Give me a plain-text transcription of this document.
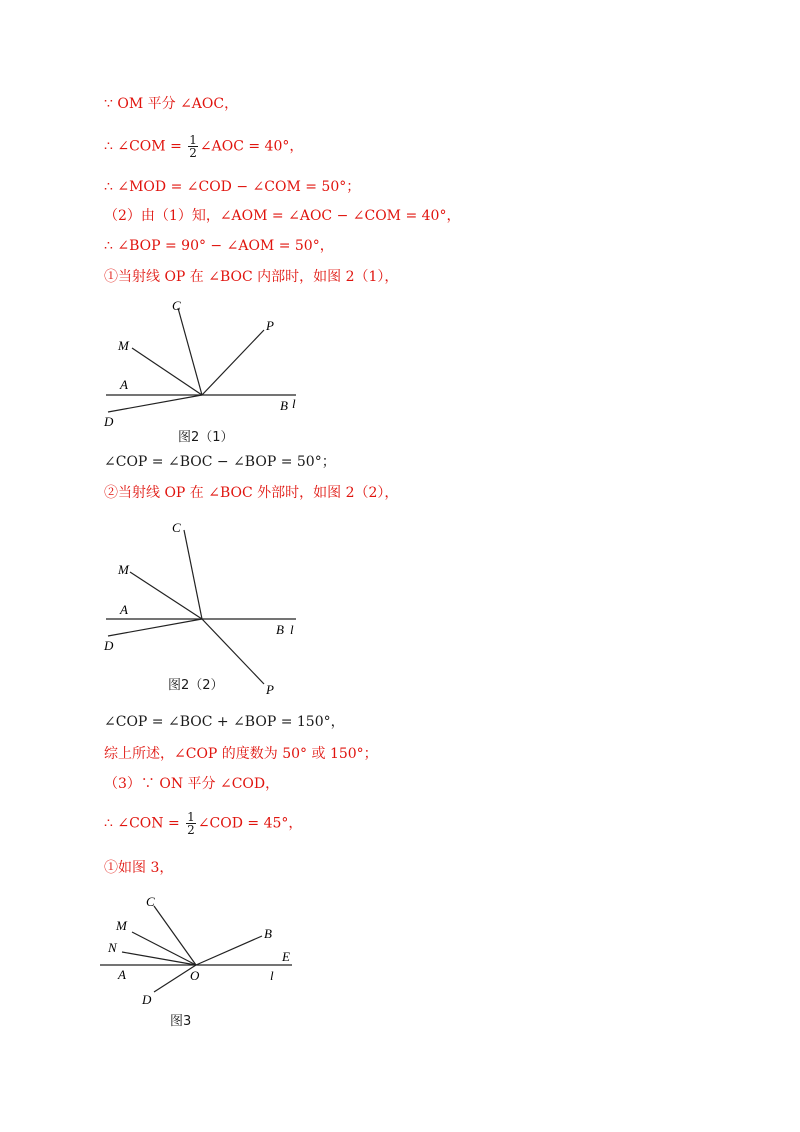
∵ OM 平分 ∠AOC，
∴ ∠COM = $\frac{1}{2}$ ∠AOC = 40°，
∴ ∠MOD = ∠COD − ∠COM = 50°；
（2）由（1）知，∠AOM = ∠AOC − ∠COM = 40°，
∴ ∠BOP = 90° − ∠AOM = 50°，
①当射线 OP 在 ∠BOC 内部时，如图 2（1），
C
P
M
A
B l
D
图2（1）
∠COP = ∠BOC − ∠BOP = 50°；
②当射线 OP 在 ∠BOC 外部时，如图 2（2），
C
M
A
B l
D
P
图2（2）
∠COP = ∠BOC + ∠BOP = 150°，
综上所述，∠COP 的度数为 50° 或 150°；
（3）∵ ON 平分 ∠COD，
∴ ∠CON = $\frac{1}{2}$ ∠COD = 45°，
①如图 3，
C
M
N
B
E
A	O	l
D
图3
